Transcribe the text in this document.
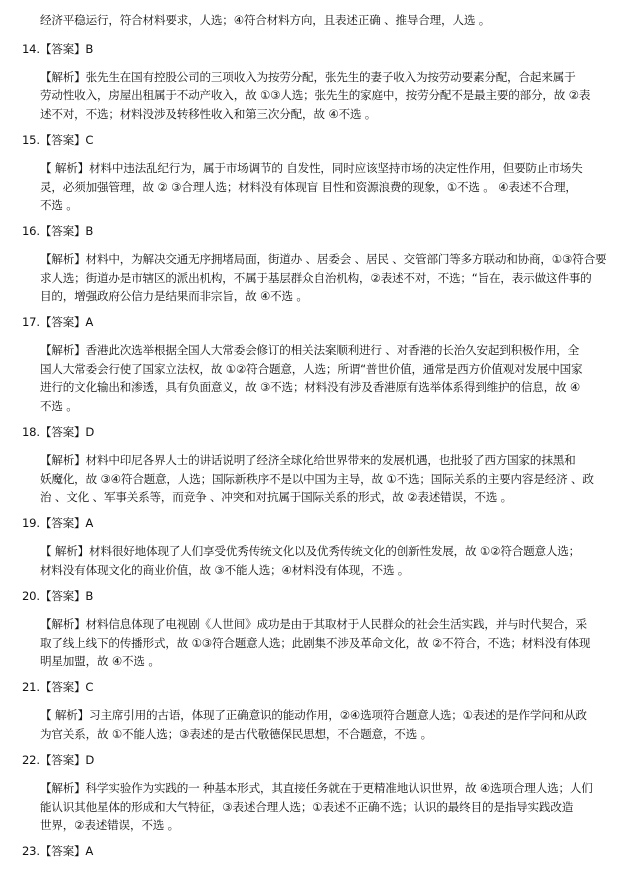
经济平稳运行，符合材料要求，人选；④符合材料方向，且表述正确 、推导合理，人选 。
14.【答案】B
【解析】张先生在国有控股公司的三项收入为按劳分配，张先生的妻子收入为按劳动要素分配，合起来属于
劳动性收入，房屋出租属于不动产收入，故 ①③人选；张先生的家庭中，按劳分配不是最主要的部分，故 ②表
述不对，不选；材料没涉及转移性收入和第三次分配，故 ④不选 。
15.【答案】C
【 解析】材料中违法乱纪行为，属于市场调节的 自发性，同时应该坚持市场的决定性作用，但要防止市场失
灵，必须加强管理，故 ② ③合理人选；材料没有体现盲 目性和资源浪费的现象，①不选 。 ④表述不合理，
不选 。
16.【答案】B
【解析】材料中，为解决交通无序拥堵局面，街道办 、居委会 、居民 、交管部门等多方联动和协商，①③符合要
求人选；街道办是市辖区的派出机构，不属于基层群众自治机构，②表述不对，不选；“旨在，表示做这件事的
目的，增强政府公信力是结果而非宗旨，故 ④不选 。
17.【答案】A
【解析】香港此次选举根据全国人大常委会修订的相关法案顺利进行 、对香港的长治久安起到积极作用，全
国人大常委会行使了国家立法权，故 ①②符合题意，人选；所谓“普世价值，通常是西方价值观对发展中国家
进行的文化输出和渗透，具有负面意义，故 ③不选；材料没有涉及香港原有选举体系得到维护的信息，故 ④
不选 。
18.【答案】D
【解析】材料中印尼各界人士的讲话说明了经济全球化给世界带来的发展机遇，也批驳了西方国家的抹黑和
妖魔化，故 ③④符合题意，人选；国际新秩序不是以中国为主导，故 ①不选；国际关系的主要内容是经济 、政
治 、文化 、军事关系等，而竞争 、冲突和对抗属于国际关系的形式，故 ②表述错误，不选 。
19.【答案】A
【 解析】材料很好地体现了人们享受优秀传统文化以及优秀传统文化的创新性发展，故 ①②符合题意人选；
材料没有体现文化的商业价值，故 ③不能人选；④材料没有体现，不选 。
20.【答案】B
【解析】材料信息体现了电视剧《人世间》成功是由于其取材于人民群众的社会生活实践，并与时代契合，采
取了线上线下的传播形式，故 ①③符合题意人选；此剧集不涉及革命文化，故 ②不符合，不选；材料没有体现
明星加盟，故 ④不选 。
21.【答案】C
【 解析】习主席引用的古语，体现了正确意识的能动作用，②④选项符合题意人选；①表述的是作学问和从政
为官关系，故 ①不能人选；③表述的是古代敬德保民思想，不合题意，不选 。
22.【答案】D
【解析】科学实验作为实践的一 种基本形式，其直接任务就在于更精准地认识世界，故 ④选项合理人选；人们
能认识其他星体的形成和大气特征，③表述合理人选；①表述不正确不选；认识的最终目的是指导实践改造
世界，②表述错误，不选 。
23.【答案】A
